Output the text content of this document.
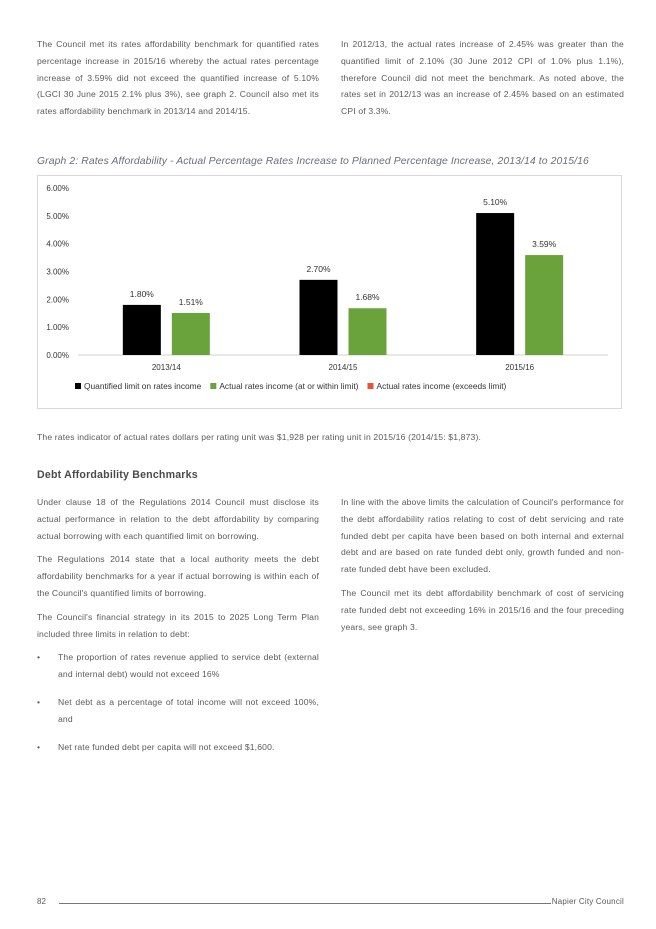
The Council met its rates affordability benchmark for quantified rates percentage increase in 2015/16 whereby the actual rates percentage increase of 3.59% did not exceed the quantified increase of 5.10% (LGCI 30 June 2015 2.1% plus 3%), see graph 2. Council also met its rates affordability benchmark in 2013/14 and 2014/15.

In 2012/13, the actual rates increase of 2.45% was greater than the quantified limit of 2.10% (30 June 2012 CPI of 1.0% plus 1.1%), therefore Council did not meet the benchmark. As noted above, the rates set in 2012/13 was an increase of 2.45% based on an estimated CPI of 3.3%.

Graph 2: Rates Affordability - Actual Percentage Rates Increase to Planned Percentage Increase, 2013/14 to 2015/16
0.00%
1.00%
2.00%
3.00%
4.00%
5.00%
6.00%
2013/14	2014/15	2015/16
1.80%
1.51%
2.70%
1.68%
5.10%
3.59%
Quantified limit on rates income Actual rates income (at or within limit) Actual rates income (exceeds limit)
The rates indicator of actual rates dollars per rating unit was $1,928 per rating unit in 2015/16 (2014/15: $1,873).
Debt Affordability Benchmarks

Under clause 18 of the Regulations 2014 Council must disclose its actual performance in relation to the debt affordability by comparing actual borrowing with each quantified limit on borrowing.

The Regulations 2014 state that a local authority meets the debt affordability benchmarks for a year if actual borrowing is within each of the Council's quantified limits of borrowing.

The Council's financial strategy in its 2015 to 2025 Long Term Plan included three limits in relation to debt:

• The proportion of rates revenue applied to service debt (external and internal debt) would not exceed 16%
• Net debt as a percentage of total income will not exceed 100%, and
• Net rate funded debt per capita will not exceed $1,600.

In line with the above limits the calculation of Council's performance for the debt affordability ratios relating to cost of debt servicing and rate funded debt per capita have been based on both internal and external debt and are based on rate funded debt only, growth funded and non-rate funded debt have been excluded.

The Council met its debt affordability benchmark of cost of servicing rate funded debt not exceeding 16% in 2015/16 and the four preceding years, see graph 3.

82	Napier City Council
